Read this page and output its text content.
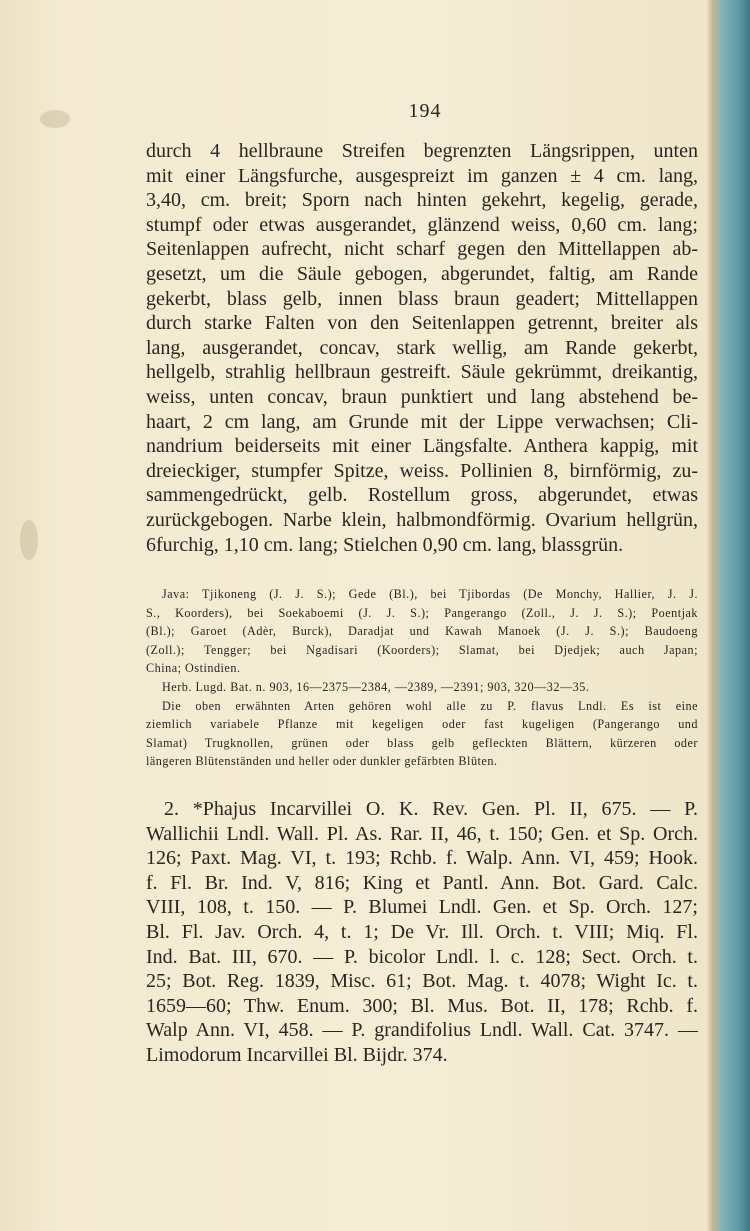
194
durch 4 hellbraune Streifen begrenzten Längsrippen, unten
mit einer Längsfurche, ausgespreizt im ganzen ± 4 cm. lang,
3,40, cm. breit; Sporn nach hinten gekehrt, kegelig, gerade,
stumpf oder etwas ausgerandet, glänzend weiss, 0,60 cm. lang;
Seitenlappen aufrecht, nicht scharf gegen den Mittellappen ab-
gesetzt, um die Säule gebogen, abgerundet, faltig, am Rande
gekerbt, blass gelb, innen blass braun geadert; Mittellappen
durch starke Falten von den Seitenlappen getrennt, breiter als
lang, ausgerandet, concav, stark wellig, am Rande gekerbt,
hellgelb, strahlig hellbraun gestreift. Säule gekrümmt, dreikantig,
weiss, unten concav, braun punktiert und lang abstehend be-
haart, 2 cm lang, am Grunde mit der Lippe verwachsen; Cli-
nandrium beiderseits mit einer Längsfalte. Anthera kappig, mit
dreieckiger, stumpfer Spitze, weiss. Pollinien 8, birnförmig, zu-
sammengedrückt, gelb. Rostellum gross, abgerundet, etwas
zurückgebogen. Narbe klein, halbmondförmig. Ovarium hellgrün,
6furchig, 1,10 cm. lang; Stielchen 0,90 cm. lang, blassgrün.
Java: Tjikoneng (J. J. S.); Gede (Bl.), bei Tjibordas (De Monchy, Hallier, J. J.
S., Koorders), bei Soekaboemi (J. J. S.); Pangerango (Zoll., J. J. S.); Poentjak
(Bl.); Garoet (Adèr, Burck), Daradjat und Kawah Manoek (J. J. S.); Baudoeng
(Zoll.); Tengger; bei Ngadisari (Koorders); Slamat, bei Djedjek; auch Japan;
China; Ostindien.
Herb. Lugd. Bat. n. 903, 16—2375—2384, —2389, —2391; 903, 320—32—35.
Die oben erwähnten Arten gehören wohl alle zu P. flavus Lndl. Es ist eine
ziemlich variabele Pflanze mit kegeligen oder fast kugeligen (Pangerango und
Slamat) Trugknollen, grünen oder blass gelb gefleckten Blättern, kürzeren oder
längeren Blütenständen und heller oder dunkler gefärbten Blüten.
2. *Phajus Incarvillei O. K. Rev. Gen. Pl. II, 675. — P.
Wallichii Lndl. Wall. Pl. As. Rar. II, 46, t. 150; Gen. et Sp. Orch.
126; Paxt. Mag. VI, t. 193; Rchb. f. Walp. Ann. VI, 459; Hook.
f. Fl. Br. Ind. V, 816; King et Pantl. Ann. Bot. Gard. Calc.
VIII, 108, t. 150. — P. Blumei Lndl. Gen. et Sp. Orch. 127;
Bl. Fl. Jav. Orch. 4, t. 1; De Vr. Ill. Orch. t. VIII; Miq. Fl.
Ind. Bat. III, 670. — P. bicolor Lndl. l. c. 128; Sect. Orch. t.
25; Bot. Reg. 1839, Misc. 61; Bot. Mag. t. 4078; Wight Ic. t.
1659—60; Thw. Enum. 300; Bl. Mus. Bot. II, 178; Rchb. f.
Walp Ann. VI, 458. — P. grandifolius Lndl. Wall. Cat. 3747. —
Limodorum Incarvillei Bl. Bijdr. 374.
